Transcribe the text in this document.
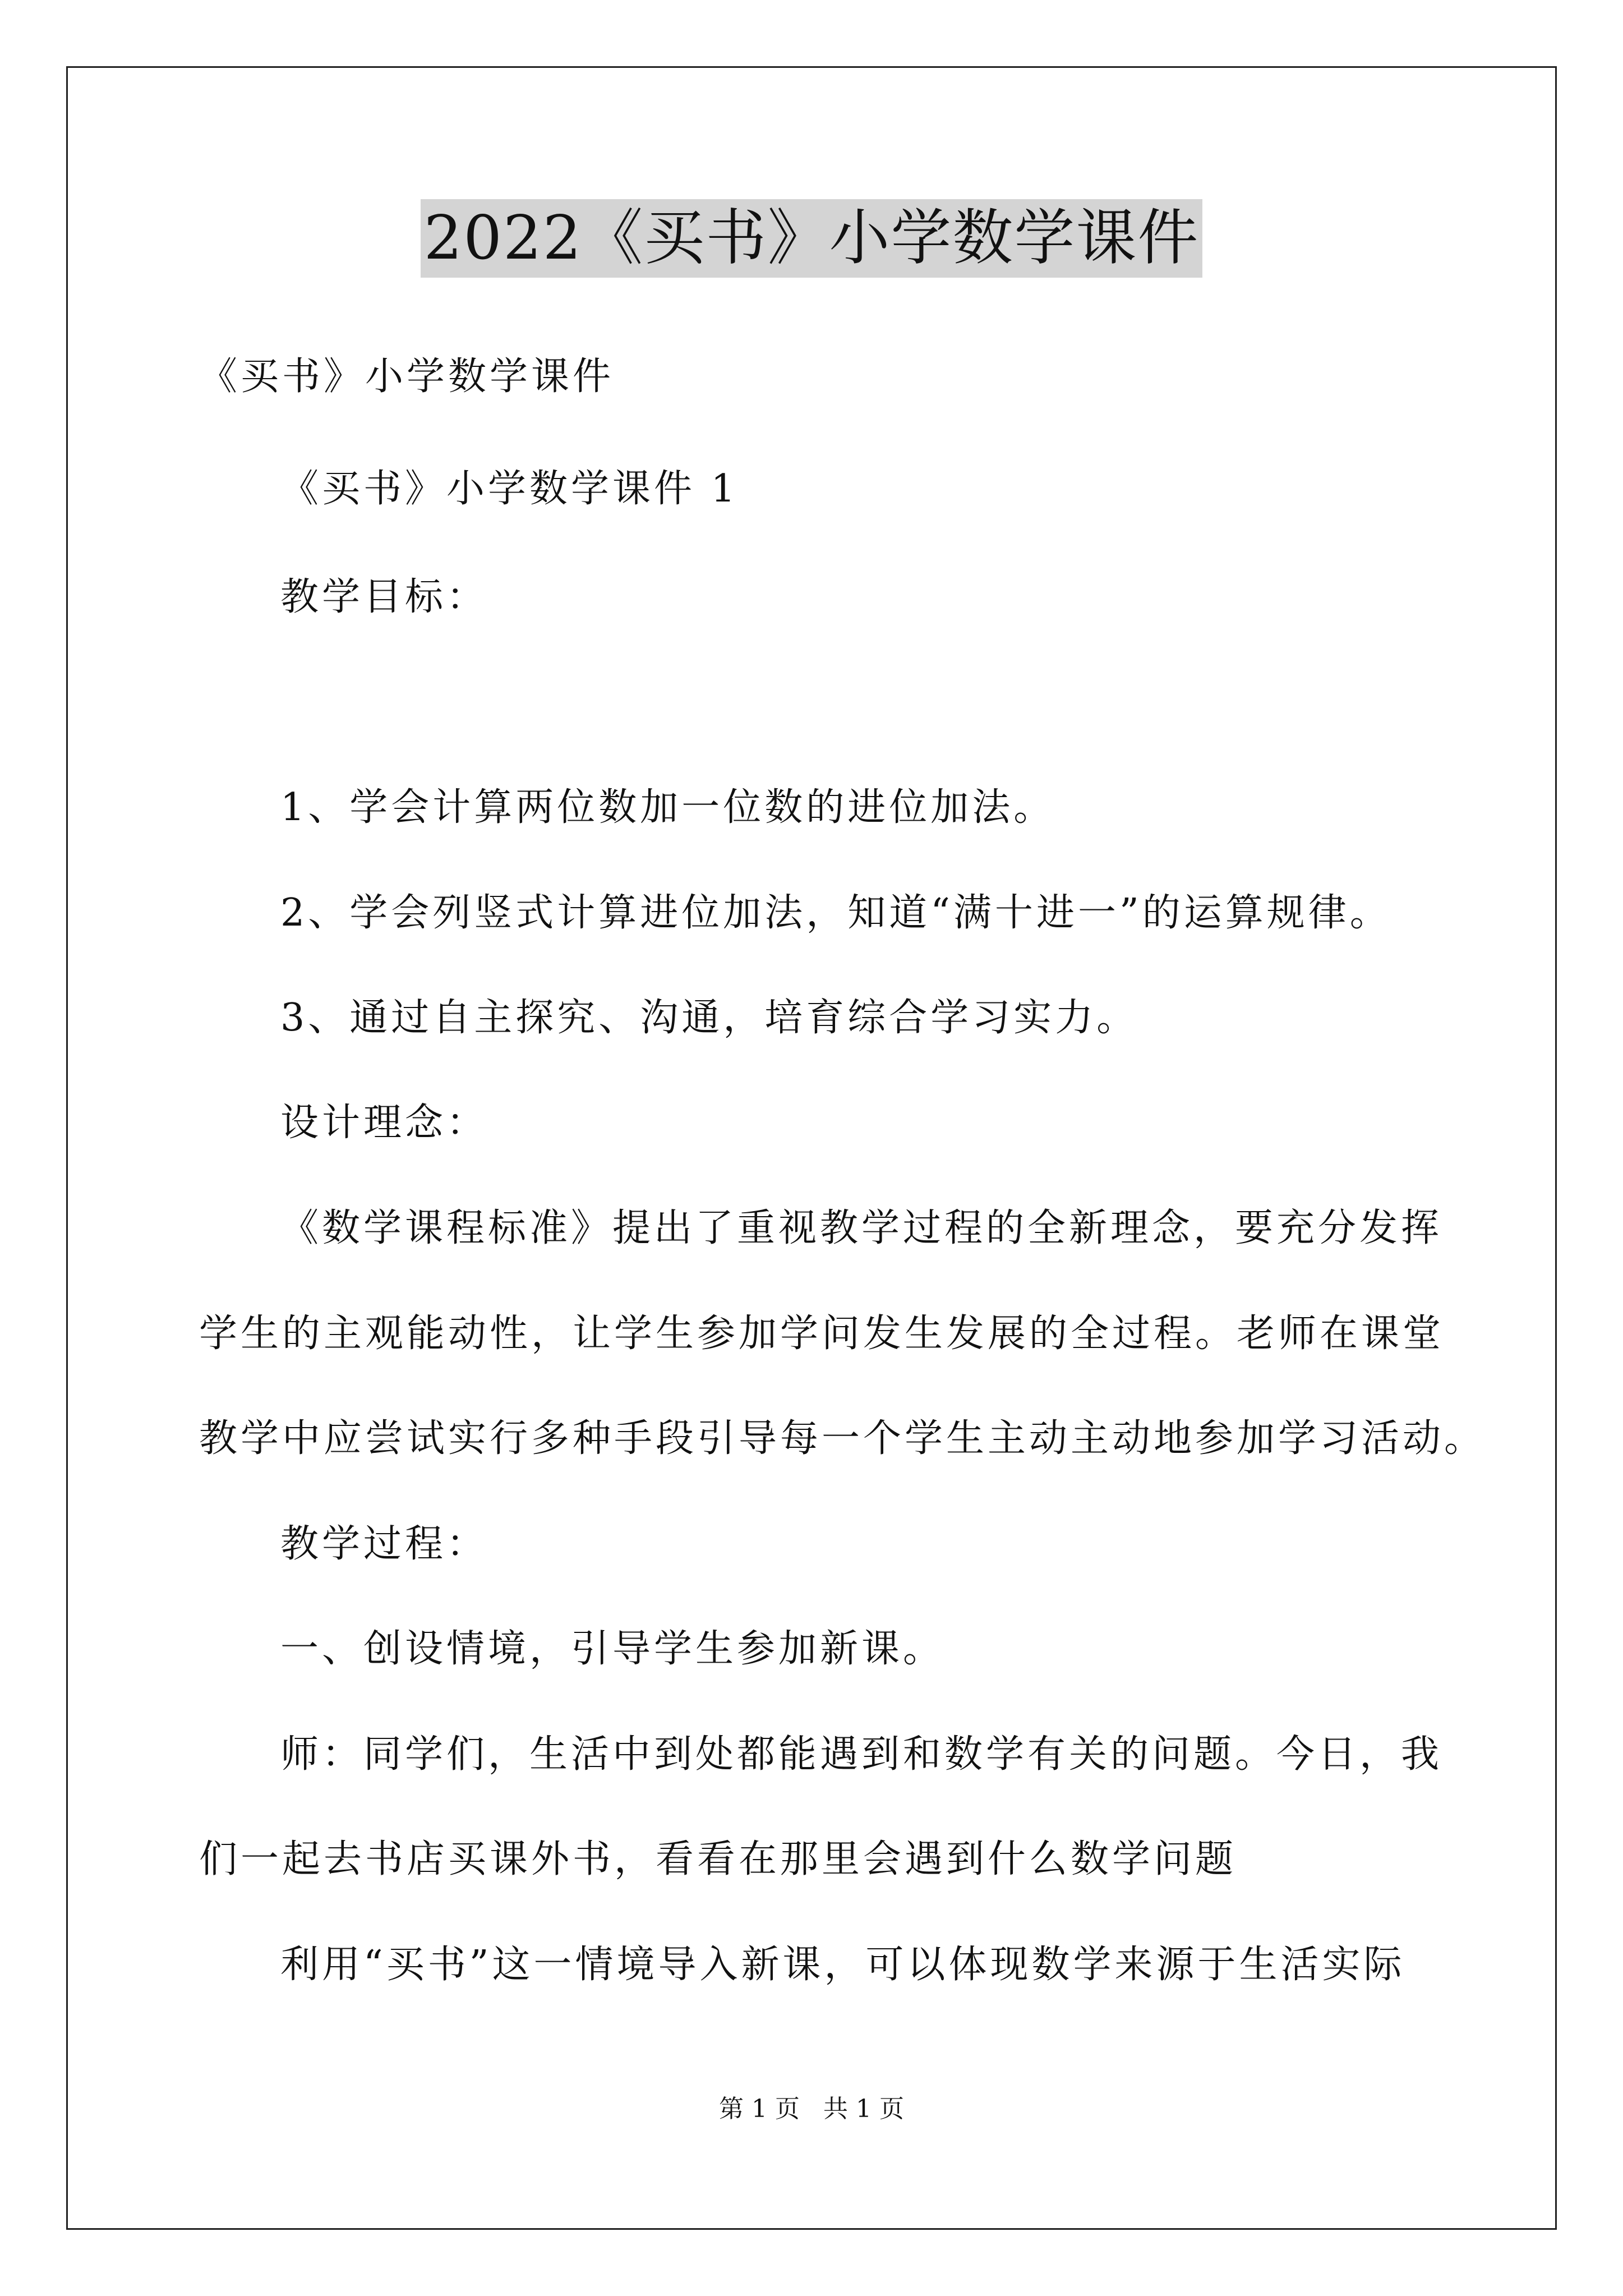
2022《买书》小学数学课件
《买书》小学数学课件
《买书》小学数学课件 1
教学目标：
1、学会计算两位数加一位数的进位加法。
2、学会列竖式计算进位加法，知道“满十进一”的运算规律。
3、通过自主探究、沟通，培育综合学习实力。
设计理念：
《数学课程标准》提出了重视教学过程的全新理念，要充分发挥
学生的主观能动性，让学生参加学问发生发展的全过程。老师在课堂
教学中应尝试实行多种手段引导每一个学生主动主动地参加学习活动。
教学过程：
一、创设情境，引导学生参加新课。
师：同学们，生活中到处都能遇到和数学有关的问题。今日，我
们一起去书店买课外书，看看在那里会遇到什么数学问题
利用“买书”这一情境导入新课，可以体现数学来源于生活实际
第 1 页 共 1 页
